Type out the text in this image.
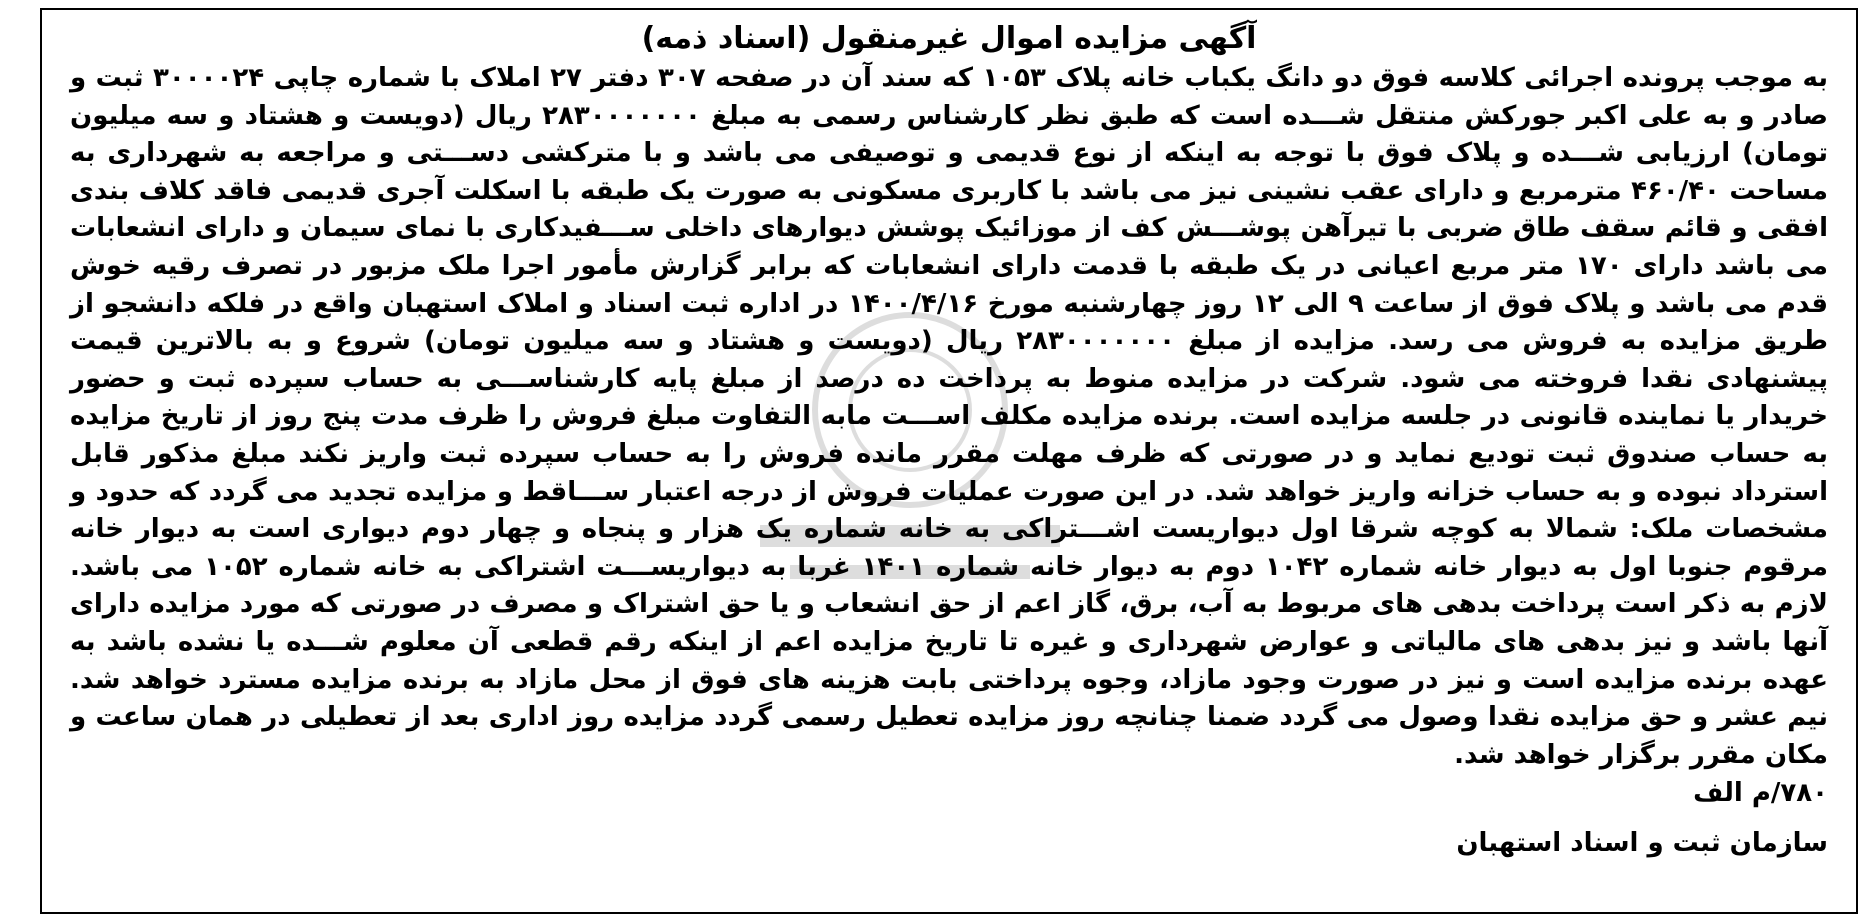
آگهی مزایده اموال غیرمنقول (اسناد ذمه)

به موجب پرونده اجرائی کلاسه فوق دو دانگ یکباب خانه پلاک ۱۰۵۳ که سند آن در صفحه ۳۰۷ دفتر ۲۷ املاک با شماره چاپی ۳۰۰۰۰۲۴ ثبت و صادر و به علی اکبر جورکش منتقل شـــده است که طبق نظر کارشناس رسمی به مبلغ ۲۸۳۰۰۰۰۰۰۰ ریال (دویست و هشتاد و سه میلیون تومان) ارزیابی شـــده و پلاک فوق با توجه به اینکه از نوع قدیمی و توصیفی می باشد و با مترکشی دســـتی و مراجعه به شهرداری به مساحت ۴۶۰/۴۰ مترمربع و دارای عقب نشینی نیز می باشد با کاربری مسکونی به صورت یک طبقه با اسکلت آجری قدیمی فاقد کلاف بندی افقی و قائم سقف طاق ضربی با تیرآهن پوشـــش کف از موزائیک پوشش دیوارهای داخلی ســـفیدکاری با نمای سیمان و دارای انشعابات می باشد دارای ۱۷۰ متر مربع اعیانی در یک طبقه با قدمت دارای انشعابات که برابر گزارش مأمور اجرا ملک مزبور در تصرف رقیه خوش قدم می باشد و پلاک فوق از ساعت ۹ الی ۱۲ روز چهارشنبه مورخ ۱۴۰۰/۴/۱۶ در اداره ثبت اسناد و املاک استهبان واقع در فلکه دانشجو از طریق مزایده به فروش می رسد. مزایده از مبلغ ۲۸۳۰۰۰۰۰۰۰ ریال (دویست و هشتاد و سه میلیون تومان) شروع و به بالاترین قیمت پیشنهادی نقدا فروخته می شود. شرکت در مزایده منوط به پرداخت ده درصد از مبلغ پایه کارشناســـی به حساب سپرده ثبت و حضور خریدار یا نماینده قانونی در جلسه مزایده است. برنده مزایده مکلف اســـت مابه التفاوت مبلغ فروش را ظرف مدت پنج روز از تاریخ مزایده به حساب صندوق ثبت تودیع نماید و در صورتی که ظرف مهلت مقرر مانده فروش را به حساب سپرده ثبت واریز نکند مبلغ مذکور قابل استرداد نبوده و به حساب خزانه واریز خواهد شد. در این صورت عملیات فروش از درجه اعتبار ســـاقط و مزایده تجدید می گردد که حدود و مشخصات ملک: شمالا به کوچه شرقا اول دیواریست اشـــتراکی به خانه شماره یک هزار و پنجاه و چهار دوم دیواری است به دیوار خانه مرقوم جنوبا اول به دیوار خانه شماره ۱۰۴۲ دوم به دیوار خانه شماره ۱۴۰۱ غربا به دیواریســـت اشتراکی به خانه شماره ۱۰۵۲ می باشد. لازم به ذکر است پرداخت بدهی های مربوط به آب، برق، گاز اعم از حق انشعاب و یا حق اشتراک و مصرف در صورتی که مورد مزایده دارای آنها باشد و نیز بدهی های مالیاتی و عوارض شهرداری و غیره تا تاریخ مزایده اعم از اینکه رقم قطعی آن معلوم شـــده یا نشده باشد به عهده برنده مزایده است و نیز در صورت وجود مازاد، وجوه پرداختی بابت هزینه های فوق از محل مازاد به برنده مزایده مسترد خواهد شد. نیم عشر و حق مزایده نقدا وصول می گردد ضمنا چنانچه روز مزایده تعطیل رسمی گردد مزایده روز اداری بعد از تعطیلی در همان ساعت و مکان مقرر برگزار خواهد شد.

۷۸۰/م الف
سازمان ثبت و اسناد استهبان
